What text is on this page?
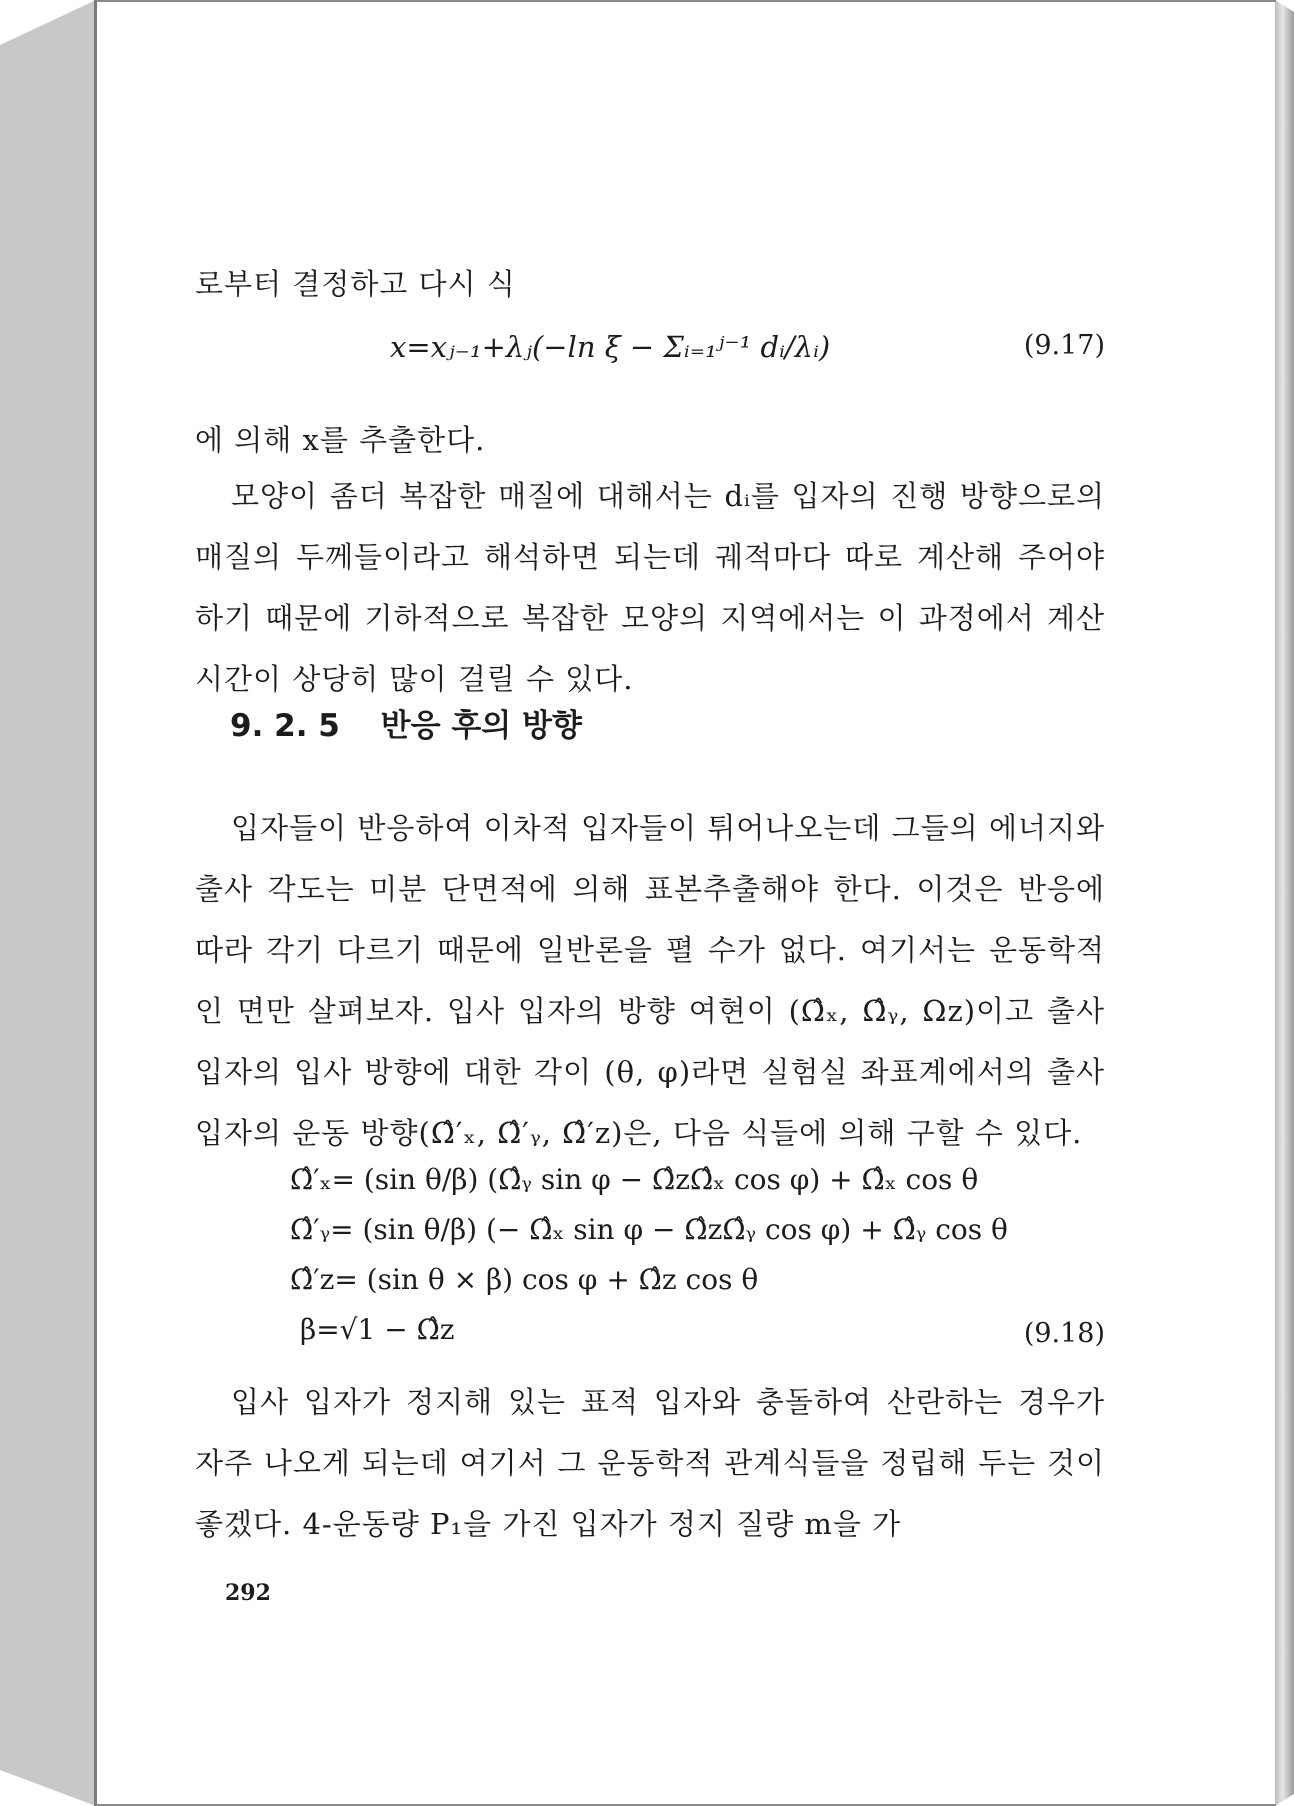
로부터 결정하고 다시 식

x=xⱼ₋₁+λⱼ(−ln ξ − Σᵢ₌₁ʲ⁻¹ dᵢ/λᵢ)	(9.17)

에 의해 x를 추출한다.

모양이 좀더 복잡한 매질에 대해서는 dᵢ를 입자의 진행 방향으로의 매질의 두께들이라고 해석하면 되는데 궤적마다 따로 계산해 주어야 하기 때문에 기하적으로 복잡한 모양의 지역에서는 이 과정에서 계산 시간이 상당히 많이 걸릴 수 있다.

9. 2. 5 반응 후의 방향

입자들이 반응하여 이차적 입자들이 튀어나오는데 그들의 에너지와 출사 각도는 미분 단면적에 의해 표본추출해야 한다. 이것은 반응에 따라 각기 다르기 때문에 일반론을 펼 수가 없다. 여기서는 운동학적인 면만 살펴보자. 입사 입자의 방향 여현이 (Ω̂ₓ, Ω̂ᵧ, Ωz)이고 출사 입자의 입사 방향에 대한 각이 (θ, φ)라면 실험실 좌표계에서의 출사 입자의 운동 방향(Ω̂′ₓ, Ω̂′ᵧ, Ω̂′z)은, 다음 식들에 의해 구할 수 있다.

Ω̂′ₓ= (sin θ/β) (Ω̂ᵧ sin φ − Ω̂zΩ̂ₓ cos φ) + Ω̂ₓ cos θ
Ω̂′ᵧ= (sin θ/β) (− Ω̂ₓ sin φ − Ω̂zΩ̂ᵧ cos φ) + Ω̂ᵧ cos θ
Ω̂′z= (sin θ × β) cos φ + Ω̂z cos θ
β=√1 − Ω̂z	(9.18)

입사 입자가 정지해 있는 표적 입자와 충돌하여 산란하는 경우가 자주 나오게 되는데 여기서 그 운동학적 관계식들을 정립해 두는 것이 좋겠다. 4-운동량 P₁을 가진 입자가 정지 질량 m을 가

292
